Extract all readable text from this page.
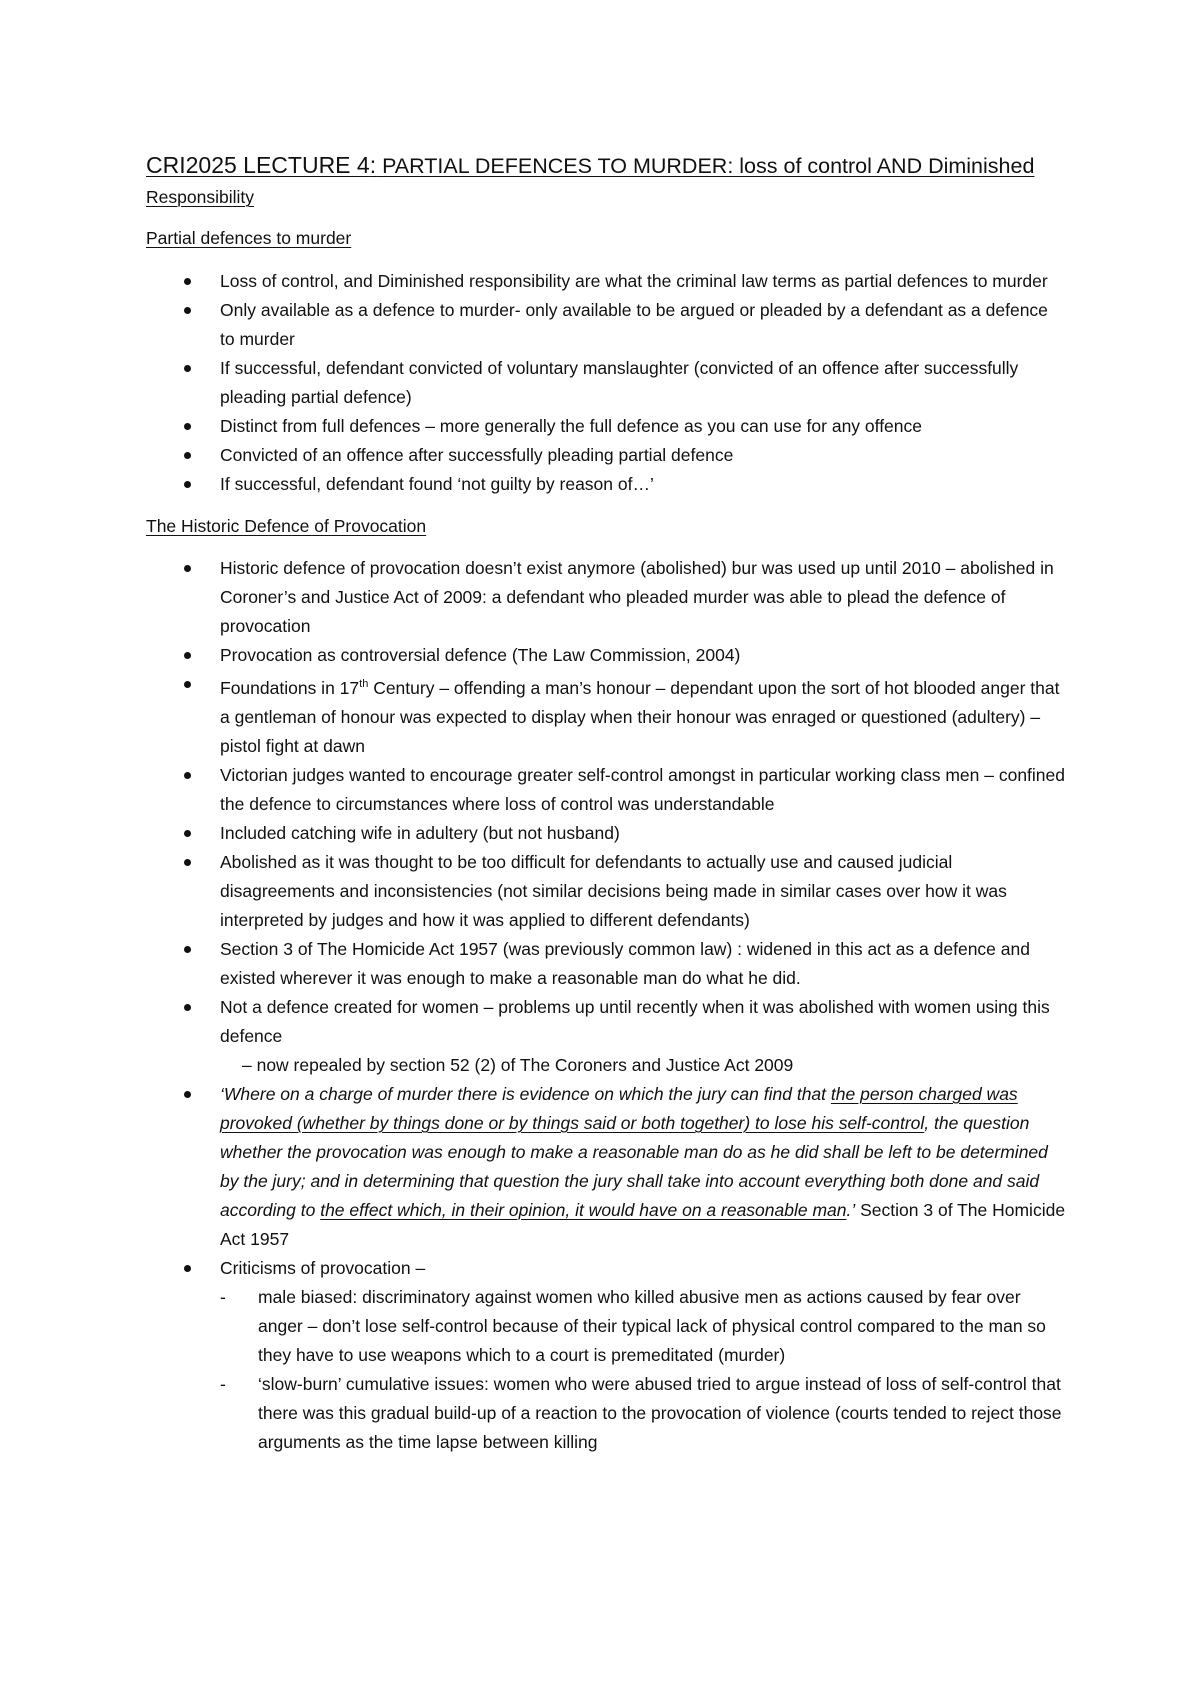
CRI2025 LECTURE 4: PARTIAL DEFENCES TO MURDER: loss of control AND Diminished
Responsibility

Partial defences to murder

Loss of control, and Diminished responsibility are what the criminal law terms as partial defences to murder
Only available as a defence to murder- only available to be argued or pleaded by a defendant as a defence to murder
If successful, defendant convicted of voluntary manslaughter (convicted of an offence after successfully pleading partial defence)
Distinct from full defences – more generally the full defence as you can use for any offence
Convicted of an offence after successfully pleading partial defence
If successful, defendant found ‘not guilty by reason of…’

The Historic Defence of Provocation

Historic defence of provocation doesn’t exist anymore (abolished) bur was used up until 2010 – abolished in Coroner’s and Justice Act of 2009: a defendant who pleaded murder was able to plead the defence of provocation
Provocation as controversial defence (The Law Commission, 2004)
Foundations in 17th Century – offending a man’s honour – dependant upon the sort of hot blooded anger that a gentleman of honour was expected to display when their honour was enraged or questioned (adultery) – pistol fight at dawn
Victorian judges wanted to encourage greater self-control amongst in particular working class men – confined the defence to circumstances where loss of control was understandable
Included catching wife in adultery (but not husband)
Abolished as it was thought to be too difficult for defendants to actually use and caused judicial disagreements and inconsistencies (not similar decisions being made in similar cases over how it was interpreted by judges and how it was applied to different defendants)
Section 3 of The Homicide Act 1957 (was previously common law) : widened in this act as a defence and existed wherever it was enough to make a reasonable man do what he did.
Not a defence created for women – problems up until recently when it was abolished with women using this defence
– now repealed by section 52 (2) of The Coroners and Justice Act 2009
‘Where on a charge of murder there is evidence on which the jury can find that the person charged was provoked (whether by things done or by things said or both together) to lose his self-control, the question whether the provocation was enough to make a reasonable man do as he did shall be left to be determined by the jury; and in determining that question the jury shall take into account everything both done and said according to the effect which, in their opinion, it would have on a reasonable man.’ Section 3 of The Homicide Act 1957
Criticisms of provocation –
- male biased: discriminatory against women who killed abusive men as actions caused by fear over anger – don’t lose self-control because of their typical lack of physical control compared to the man so they have to use weapons which to a court is premeditated (murder)
- ‘slow-burn’ cumulative issues: women who were abused tried to argue instead of loss of self-control that there was this gradual build-up of a reaction to the provocation of violence (courts tended to reject those arguments as the time lapse between killing
